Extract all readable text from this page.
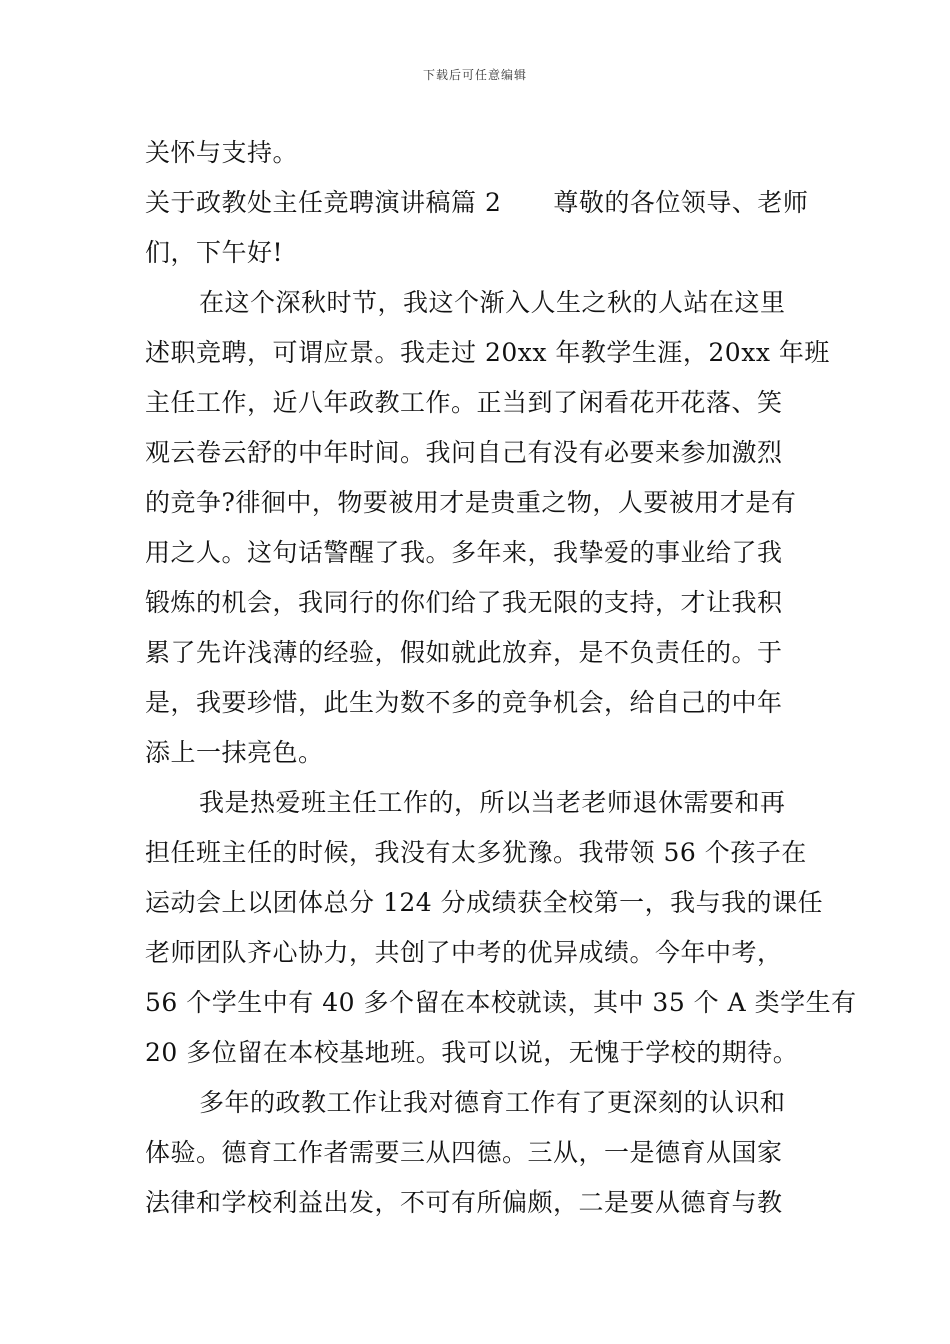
下载后可任意编辑
关怀与支持。
关于政教处主任竞聘演讲稿篇 2 尊敬的各位领导、老师
们，下午好!
在这个深秋时节，我这个渐入人生之秋的人站在这里
述职竞聘，可谓应景。我走过 20xx 年教学生涯，20xx 年班
主任工作，近八年政教工作。正当到了闲看花开花落、笑
观云卷云舒的中年时间。我问自己有没有必要来参加激烈
的竞争?徘徊中，物要被用才是贵重之物，人要被用才是有
用之人。这句话警醒了我。多年来，我挚爱的事业给了我
锻炼的机会，我同行的你们给了我无限的支持，才让我积
累了先许浅薄的经验，假如就此放弃，是不负责任的。于
是，我要珍惜，此生为数不多的竞争机会，给自己的中年
添上一抹亮色。
我是热爱班主任工作的，所以当老老师退休需要和再
担任班主任的时候，我没有太多犹豫。我带领 56 个孩子在
运动会上以团体总分 124 分成绩获全校第一，我与我的课任
老师团队齐心协力，共创了中考的优异成绩。今年中考，
56 个学生中有 40 多个留在本校就读，其中 35 个 A 类学生有
20 多位留在本校基地班。我可以说，无愧于学校的期待。
多年的政教工作让我对德育工作有了更深刻的认识和
体验。德育工作者需要三从四德。三从，一是德育从国家
法律和学校利益出发，不可有所偏颇，二是要从德育与教
